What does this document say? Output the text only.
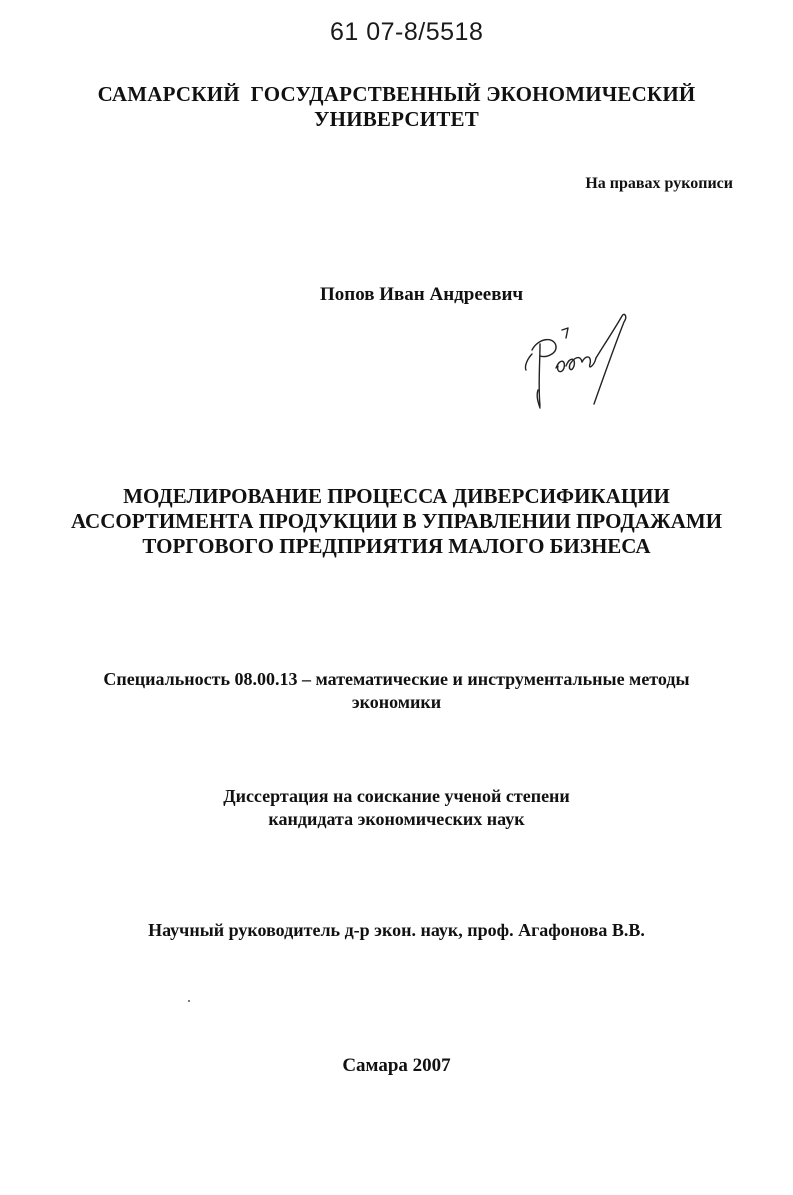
61 07-8/5518
САМАРСКИЙ  ГОСУДАРСТВЕННЫЙ ЭКОНОМИЧЕСКИЙ
УНИВЕРСИТЕТ
На правах рукописи
Попов Иван Андреевич
МОДЕЛИРОВАНИЕ ПРОЦЕССА ДИВЕРСИФИКАЦИИ
АССОРТИМЕНТА ПРОДУКЦИИ В УПРАВЛЕНИИ ПРОДАЖАМИ
ТОРГОВОГО ПРЕДПРИЯТИЯ МАЛОГО БИЗНЕСА
Специальность 08.00.13 – математические и инструментальные методы
экономики
Диссертация на соискание ученой степени
кандидата экономических наук
Научный руководитель д-р экон. наук, проф. Агафонова В.В.
Самара 2007
